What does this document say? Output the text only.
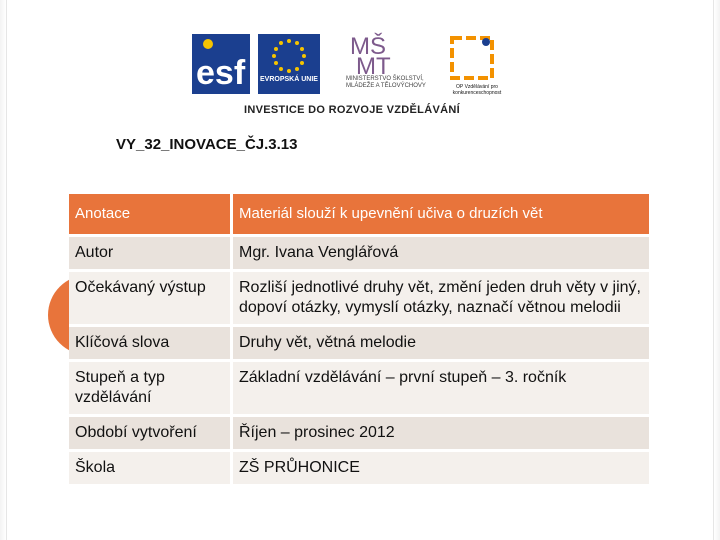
esf
MŠ
MT
EVROPSKÁ UNIE	MINISTERSTVO ŠKOLSTVÍ, MLÁDEŽE A TĚLOVÝCHOVY	OP Vzdělávání pro konkurenceschopnost
INVESTICE DO ROZVOJE VZDĚLÁVÁNÍ
VY_32_INOVACE_ČJ.3.13
Anotace	Materiál slouží k upevnění učiva o druzích vět
Autor	Mgr. Ivana Venglářová
Očekávaný výstup	Rozliší jednotlivé druhy vět, změní jeden druh věty v jiný, dopoví otázky, vymyslí otázky, naznačí větnou melodii
Klíčová slova	Druhy vět, větná melodie
Stupeň a typ vzdělávání	Základní vzdělávání – první stupeň – 3. ročník
Období vytvoření	Říjen – prosinec 2012
Škola	ZŠ PRŮHONICE
